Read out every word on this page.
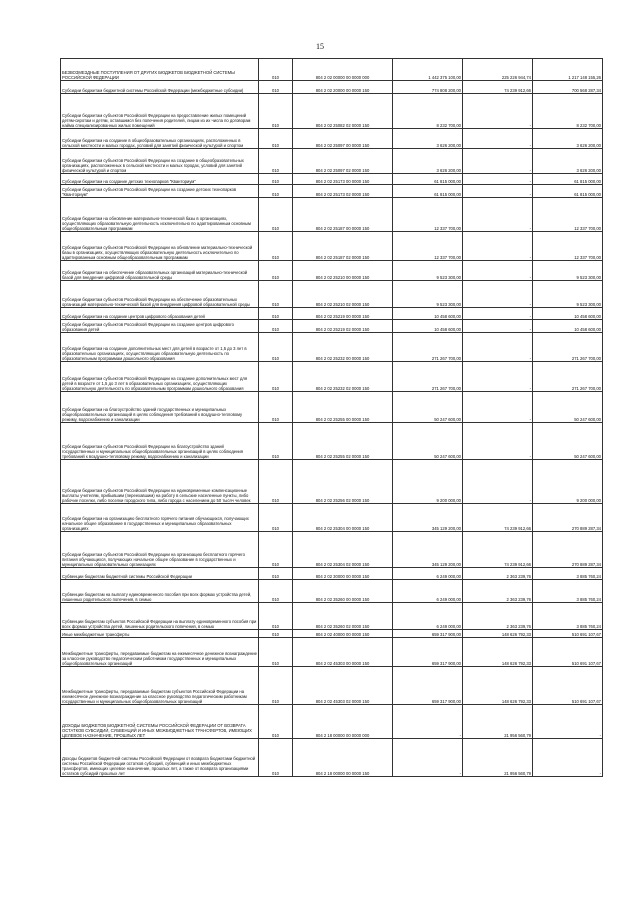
15
БЕЗВОЗМЕЗДНЫЕ ПОСТУПЛЕНИЯ ОТ ДРУГИХ БЮДЖЕТОВ БЮДЖЕТНОЙ СИСТЕМЫ РОССИЙСКОЙ ФЕДЕРАЦИИ	010	804 2 02 00000 00 0000 000	1 442 375 100,00	225 226 944,74	1 217 148 155,26
Субсидии бюджетам бюджетной системы Российской Федерации (межбюджетные субсидии)	010	804 2 02 20000 00 0000 150	774 808 200,00	74 239 912,66	700 568 287,34
Субсидии бюджетам субъектов Российской Федерации на предоставление жилых помещений детям-сиротам и детям, оставшимся без попечения родителей, лицам из их числа по договорам найма специализированных жилых помещений	010	804 2 02 25082 02 0000 150	8 232 700,00	-	8 232 700,00
Субсидии бюджетам на создание в общеобразовательных организациях, расположенных в сельской местности и малых городах, условий для занятий физической культурой и спортом	010	804 2 02 25097 00 0000 150	3 626 200,00	-	3 626 200,00
Субсидии бюджетам субъектов Российской Федерации на создание в общеобразовательных организациях, расположенных в сельской местности и малых городах, условий для занятий физической культурой и спортом	010	804 2 02 25097 02 0000 150	3 626 200,00	-	3 626 200,00
Субсидии бюджетам на создание детских технопарков "Кванториум"	010	804 2 02 25173 00 0000 150	61 815 000,00	-	61 815 000,00
Субсидии бюджетам субъектов Российской Федерации на создание детских технопарков "Кванториум"	010	804 2 02 25173 02 0000 150	61 815 000,00	-	61 815 000,00
Субсидии бюджетам на обновление материально-технической базы в организациях, осуществляющих образовательную деятельность исключительно по адаптированным основным общеобразовательным программам	010	804 2 02 25187 00 0000 150	12 337 700,00	-	12 337 700,00
Субсидии бюджетам субъектов Российской Федерации на обновление материально-технической базы в организациях, осуществляющих образовательную деятельность исключительно по адаптированным основным общеобразовательным программам	010	804 2 02 25187 02 0000 150	12 337 700,00	-	12 337 700,00
Субсидии бюджетам на обеспечение образовательных организаций материально-технической базой для внедрения цифровой образовательной среды	010	804 2 02 25210 00 0000 150	9 523 300,00	-	9 523 300,00
Субсидии бюджетам субъектов Российской Федерации на обеспечение образовательных организаций материально-технической базой для внедрения цифровой образовательной среды	010	804 2 02 25210 02 0000 150	9 523 300,00	-	9 523 300,00
Субсидии бюджетам на создание центров цифрового образования детей	010	804 2 02 25219 00 0000 150	10 458 600,00	-	10 458 600,00
Субсидии бюджетам субъектов Российской Федерации на создание центров цифрового образования детей	010	804 2 02 25219 02 0000 150	10 458 600,00	-	10 458 600,00
Субсидии бюджетам на создание дополнительных мест для детей в возрасте от 1,5 до 3 лет в образовательных организациях, осуществляющих образовательную деятельность по образовательным программам дошкольного образования	010	804 2 02 25232 00 0000 150	271 267 700,00	-	271 267 700,00
Субсидии бюджетам субъектов Российской Федерации на создание дополнительных мест для детей в возрасте от 1,5 до 3 лет в образовательных организациях, осуществляющих образовательную деятельность по образовательным программам дошкольного образования	010	804 2 02 25232 02 0000 150	271 267 700,00	-	271 267 700,00
Субсидии бюджетам на благоустройство зданий государственных и муниципальных общеобразовательных организаций в целях соблюдения требований к воздушно-тепловому режиму, водоснабжению и канализации	010	804 2 02 25255 00 0000 150	50 247 600,00	-	50 247 600,00
Субсидии бюджетам субъектов Российской Федерации на благоустройство зданий государственных и муниципальных общеобразовательных организаций в целях соблюдения требований к воздушно-тепловому режиму, водоснабжению и канализации	010	804 2 02 25255 02 0000 150	50 247 600,00	-	50 247 600,00
Субсидии бюджетам субъектов Российской Федерации на единовременные компенсационные выплаты учителям, прибывшим (переехавшим) на работу в сельские населенные пункты, либо рабочие поселки, либо поселки городского типа, либо города с населением до 50 тысяч человек	010	804 2 02 25256 02 0000 150	9 200 000,00	-	9 200 000,00
Субсидии бюджетам на организацию бесплатного горячего питания обучающихся, получающих начальное общее образование в государственных и муниципальных образовательных организациях	010	804 2 02 25304 00 0000 150	345 129 200,00	74 239 912,66	270 889 287,34
Субсидии бюджетам субъектов Российской Федерации на организацию бесплатного горячего питания обучающихся, получающих начальное общее образование в государственных и муниципальных образовательных организациях	010	804 2 02 25304 02 0000 150	345 129 200,00	74 239 912,66	270 889 287,34
Субвенции бюджетам бюджетной системы Российской Федерации	010	804 2 02 30000 00 0000 150	6 249 000,00	2 363 239,76	3 885 760,24
Субвенции бюджетам на выплату единовременного пособия при всех формах устройства детей, лишенных родительского попечения, в семью	010	804 2 02 35260 00 0000 150	6 249 000,00	2 363 239,76	3 885 760,24
Субвенции бюджетам субъектов Российской Федерации на выплату единовременного пособия при всех формах устройства детей, лишенных родительского попечения, в семью	010	804 2 02 35260 02 0000 150	6 249 000,00	2 363 239,76	3 885 760,24
Иные межбюджетные трансферты	010	804 2 02 40000 00 0000 150	659 317 900,00	148 626 792,33	510 691 107,67
Межбюджетные трансферты, передаваемые бюджетам на ежемесячное денежное вознаграждение за классное руководство педагогическим работникам государственных и муниципальных общеобразовательных организаций	010	804 2 02 45303 00 0000 150	659 317 900,00	148 626 792,33	510 691 107,67
Межбюджетные трансферты, передаваемые бюджетам субъектов Российской Федерации на ежемесячное денежное вознаграждение за классное руководство педагогическим работникам государственных и муниципальных общеобразовательных организаций	010	804 2 02 45303 02 0000 150	659 317 900,00	148 626 792,33	510 691 107,67
ДОХОДЫ БЮДЖЕТОВ БЮДЖЕТНОЙ СИСТЕМЫ РОССИЙСКОЙ ФЕДЕРАЦИИ ОТ ВОЗВРАТА ОСТАТКОВ СУБСИДИЙ, СУБВЕНЦИЙ И ИНЫХ МЕЖБЮДЖЕТНЫХ ТРАНСФЕРТОВ, ИМЕЮЩИХ ЦЕЛЕВОЕ НАЗНАЧЕНИЕ, ПРОШЛЫХ ЛЕТ	010	804 2 18 00000 00 0000 000	-	21 956 560,79	-
Доходы бюджетов бюджетной системы Российской Федерации от возврата бюджетами бюджетной системы Российской Федерации остатков субсидий, субвенций и иных межбюджетных трансфертов, имеющих целевое назначение, прошлых лет, а также от возврата организациями остатков субсидий прошлых лет	010	804 2 18 00000 00 0000 150	-	21 956 560,79	-
